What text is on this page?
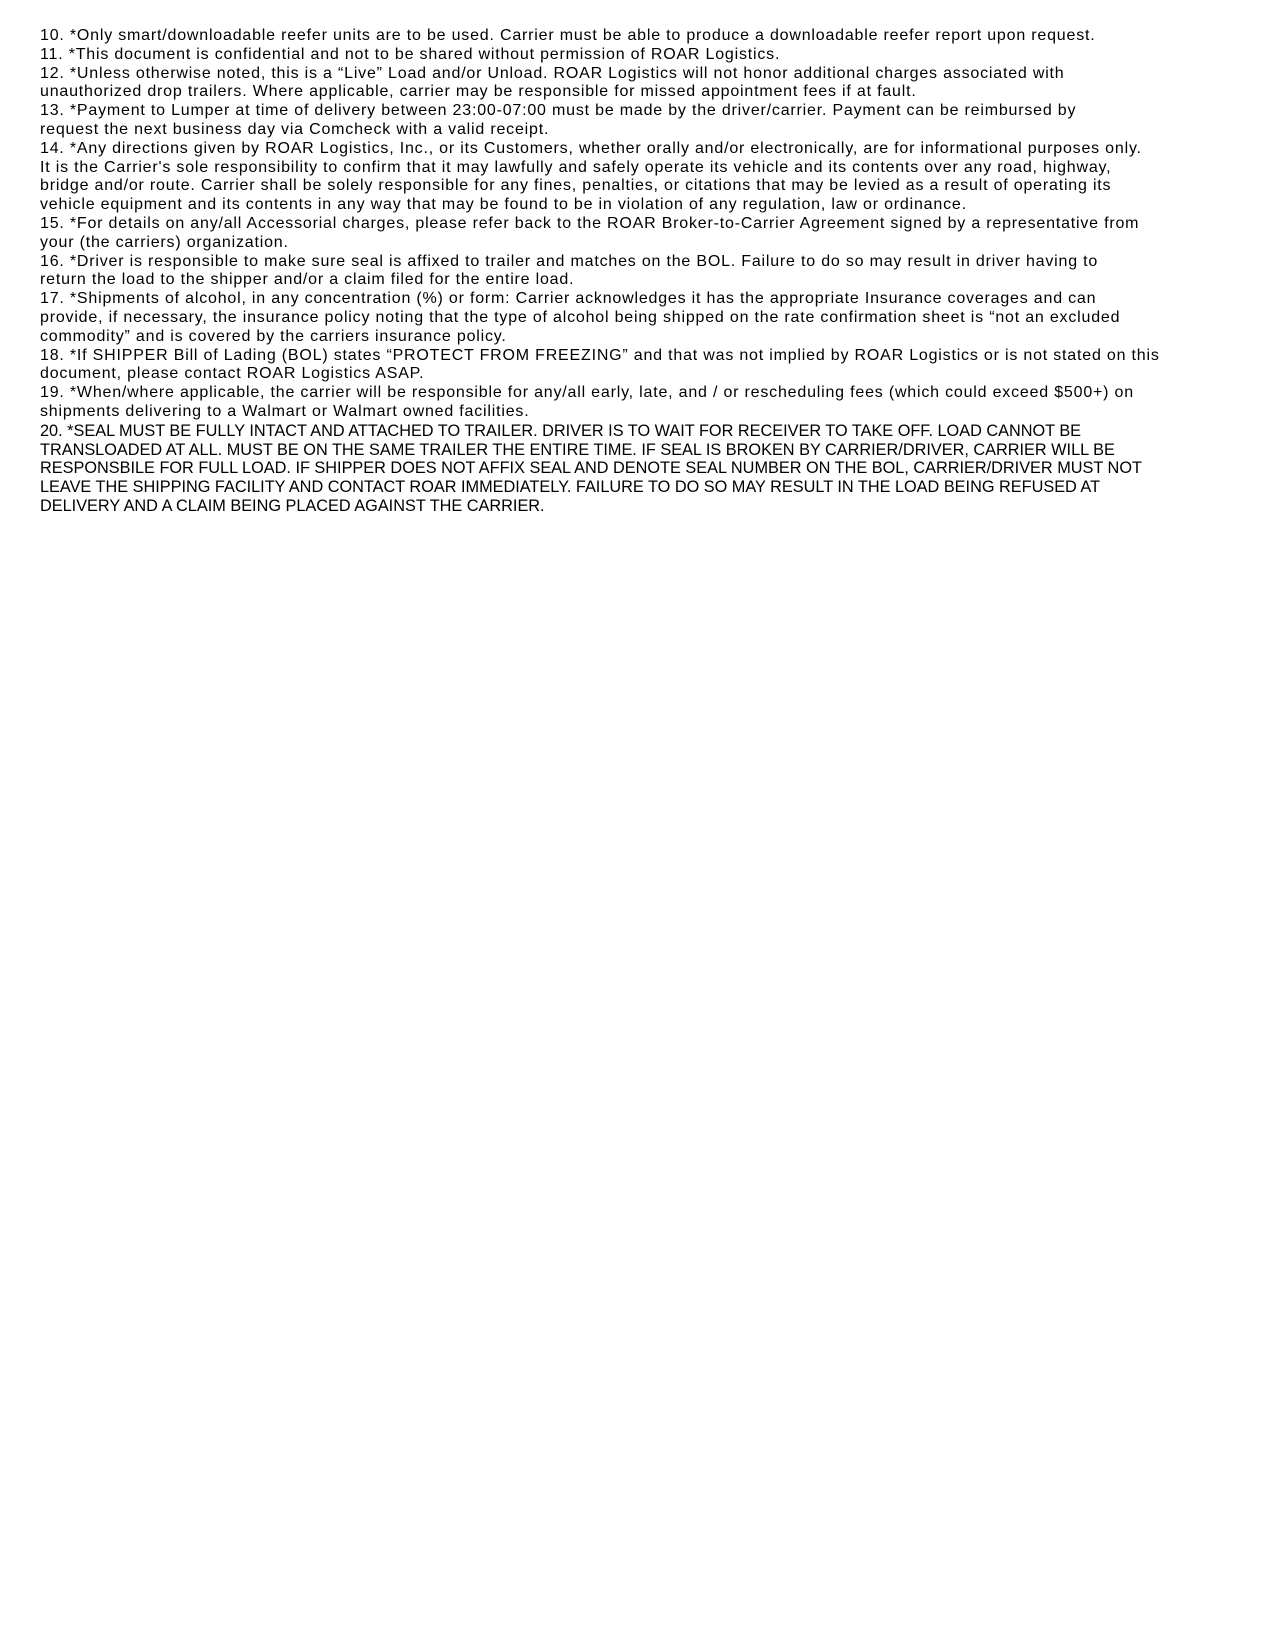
10. *Only smart/downloadable reefer units are to be used. Carrier must be able to produce a downloadable reefer report upon request.

11. *This document is confidential and not to be shared without permission of ROAR Logistics.

12. *Unless otherwise noted, this is a “Live” Load and/or Unload. ROAR Logistics will not honor additional charges associated with
unauthorized drop trailers. Where applicable, carrier may be responsible for missed appointment fees if at fault.

13. *Payment to Lumper at time of delivery between 23:00-07:00 must be made by the driver/carrier. Payment can be reimbursed by
request the next business day via Comcheck with a valid receipt.

14. *Any directions given by ROAR Logistics, Inc., or its Customers, whether orally and/or electronically, are for informational purposes only.
It is the Carrier's sole responsibility to confirm that it may lawfully and safely operate its vehicle and its contents over any road, highway,
bridge and/or route. Carrier shall be solely responsible for any fines, penalties, or citations that may be levied as a result of operating its
vehicle equipment and its contents in any way that may be found to be in violation of any regulation, law or ordinance.

15. *For details on any/all Accessorial charges, please refer back to the ROAR Broker-to-Carrier Agreement signed by a representative from
your (the carriers) organization.

16. *Driver is responsible to make sure seal is affixed to trailer and matches on the BOL. Failure to do so may result in driver having to
return the load to the shipper and/or a claim filed for the entire load.

17. *Shipments of alcohol, in any concentration (%) or form: Carrier acknowledges it has the appropriate Insurance coverages and can
provide, if necessary, the insurance policy noting that the type of alcohol being shipped on the rate confirmation sheet is “not an excluded
commodity” and is covered by the carriers insurance policy.

18. *If SHIPPER Bill of Lading (BOL) states “PROTECT FROM FREEZING” and that was not implied by ROAR Logistics or is not stated on this
document, please contact ROAR Logistics ASAP.

19. *When/where applicable, the carrier will be responsible for any/all early, late, and / or rescheduling fees (which could exceed $500+) on
shipments delivering to a Walmart or Walmart owned facilities.

20. *SEAL MUST BE FULLY INTACT AND ATTACHED TO TRAILER. DRIVER IS TO WAIT FOR RECEIVER TO TAKE OFF. LOAD CANNOT BE
TRANSLOADED AT ALL. MUST BE ON THE SAME TRAILER THE ENTIRE TIME. IF SEAL IS BROKEN BY CARRIER/DRIVER, CARRIER WILL BE
RESPONSBILE FOR FULL LOAD. IF SHIPPER DOES NOT AFFIX SEAL AND DENOTE SEAL NUMBER ON THE BOL, CARRIER/DRIVER MUST NOT
LEAVE THE SHIPPING FACILITY AND CONTACT ROAR IMMEDIATELY. FAILURE TO DO SO MAY RESULT IN THE LOAD BEING REFUSED AT
DELIVERY AND A CLAIM BEING PLACED AGAINST THE CARRIER.
